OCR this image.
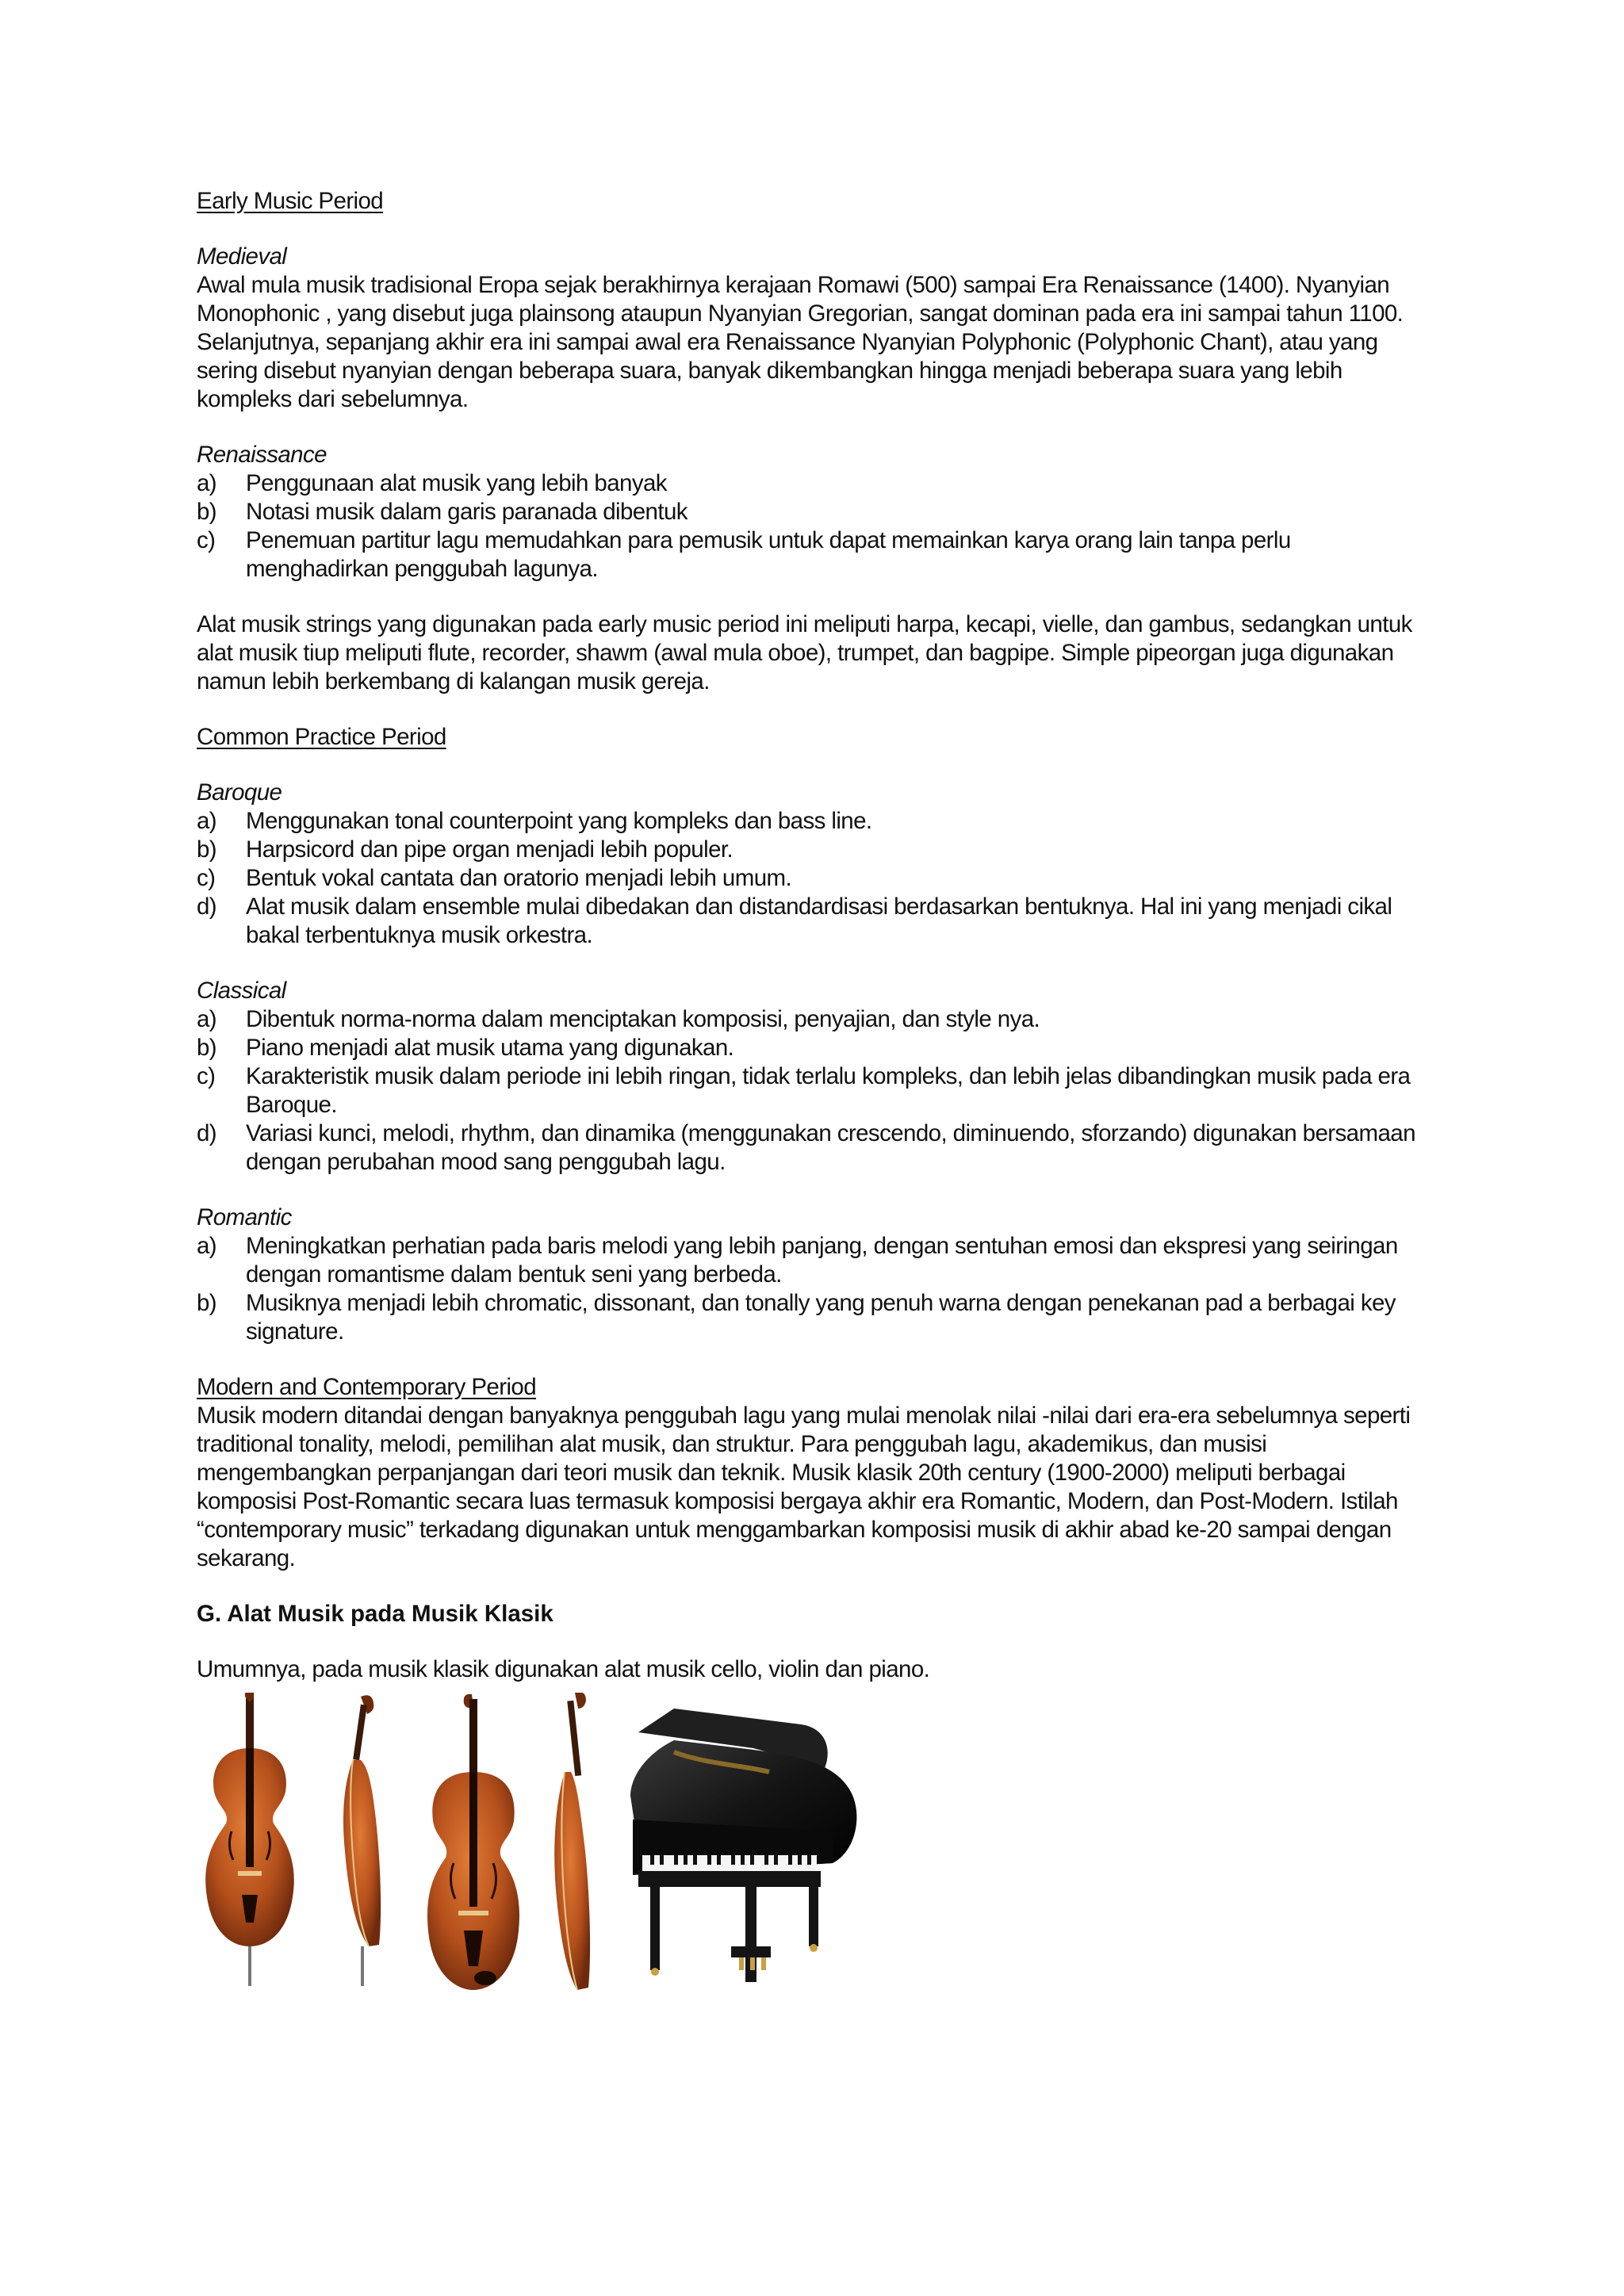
Early Music Period

Medieval

Awal mula musik tradisional Eropa sejak berakhirnya kerajaan Romawi (500) sampai Era Renaissance (1400). Nyanyian Monophonic , yang disebut juga plainsong ataupun Nyanyian Gregorian, sangat dominan pada era ini sampai tahun 1100. Selanjutnya, sepanjang akhir era ini sampai awal era Renaissance Nyanyian Polyphonic (Polyphonic Chant), atau yang sering disebut nyanyian dengan beberapa suara, banyak dikembangkan hingga menjadi beberapa suara yang lebih kompleks dari sebelumnya.

Renaissance

a) Penggunaan alat musik yang lebih banyak
b) Notasi musik dalam garis paranada dibentuk
c) Penemuan partitur lagu memudahkan para pemusik untuk dapat memainkan karya orang lain tanpa perlu menghadirkan penggubah lagunya.

Alat musik strings yang digunakan pada early music period ini meliputi harpa, kecapi, vielle, dan gambus, sedangkan untuk alat musik tiup meliputi flute, recorder, shawm (awal mula oboe), trumpet, dan bagpipe. Simple pipeorgan juga digunakan namun lebih berkembang di kalangan musik gereja.

Common Practice Period

Baroque

a) Menggunakan tonal counterpoint yang kompleks dan bass line.
b) Harpsicord dan pipe organ menjadi lebih populer.
c) Bentuk vokal cantata dan oratorio menjadi lebih umum.
d) Alat musik dalam ensemble mulai dibedakan dan distandardisasi berdasarkan bentuknya. Hal ini yang menjadi cikal bakal terbentuknya musik orkestra.

Classical

a) Dibentuk norma-norma dalam menciptakan komposisi, penyajian, dan style nya.
b) Piano menjadi alat musik utama yang digunakan.
c) Karakteristik musik dalam periode ini lebih ringan, tidak terlalu kompleks, dan lebih jelas dibandingkan musik pada era Baroque.
d) Variasi kunci, melodi, rhythm, dan dinamika (menggunakan crescendo, diminuendo, sforzando) digunakan bersamaan dengan perubahan mood sang penggubah lagu.

Romantic

a) Meningkatkan perhatian pada baris melodi yang lebih panjang, dengan sentuhan emosi dan ekspresi yang seiringan dengan romantisme dalam bentuk seni yang berbeda.
b) Musiknya menjadi lebih chromatic, dissonant, dan tonally yang penuh warna dengan penekanan pad a berbagai key signature.

Modern and Contemporary Period

Musik modern ditandai dengan banyaknya penggubah lagu yang mulai menolak nilai -nilai dari era-era sebelumnya seperti traditional tonality, melodi, pemilihan alat musik, dan struktur. Para penggubah lagu, akademikus, dan musisi mengembangkan perpanjangan dari teori musik dan teknik. Musik klasik 20th century (1900-2000) meliputi berbagai komposisi Post-Romantic secara luas termasuk komposisi bergaya akhir era Romantic, Modern, dan Post-Modern. Istilah “contemporary music” terkadang digunakan untuk menggambarkan komposisi musik di akhir abad ke-20 sampai dengan sekarang.

G. Alat Musik pada Musik Klasik

Umumnya, pada musik klasik digunakan alat musik cello, violin dan piano.
